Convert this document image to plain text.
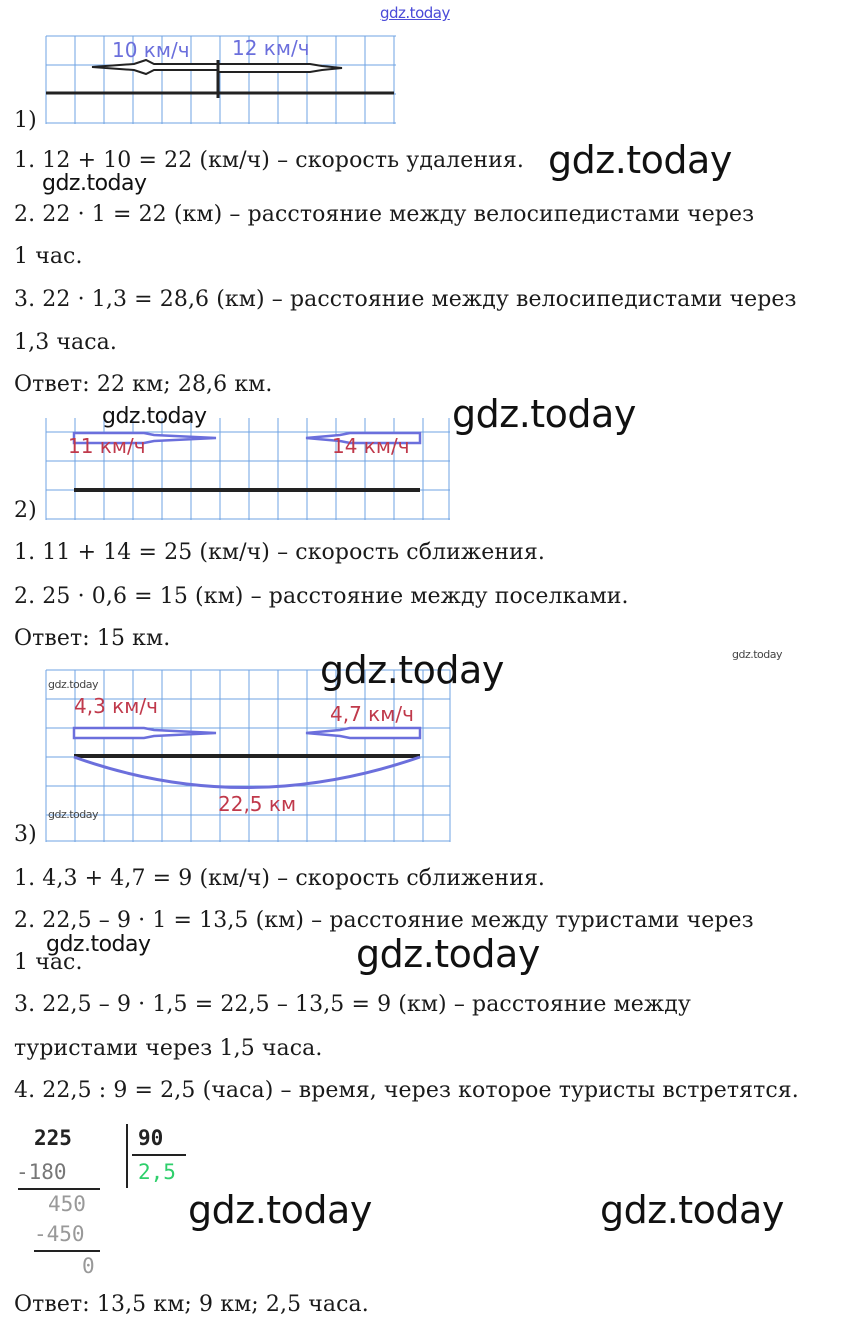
gdz.today
10 км/ч 12 км/ч
1)
1. 12 + 10 = 22 (км/ч) – скорость удаления.
2. 22 · 1 = 22 (км) – расстояние между велосипедистами через
1 час.
3. 22 · 1,3 = 28,6 (км) – расстояние между велосипедистами через
1,3 часа.
Ответ: 22 км; 28,6 км.
gdz.today
gdz.today
11 км/ч	14 км/ч
2)
gdz.today	gdz.today
1. 11 + 14 = 25 (км/ч) – скорость сближения.
2. 25 · 0,6 = 15 (км) – расстояние между поселками.
Ответ: 15 км.
4,3 км/ч	4,7 км/ч
22,5 км
3)
gdz.today
gdz.today
gdz.today	gdz.today
1. 4,3 + 4,7 = 9 (км/ч) – скорость сближения.
2. 22,5 – 9 · 1 = 13,5 (км) – расстояние между туристами через
1 час.
3. 22,5 – 9 · 1,5 = 22,5 – 13,5 = 9 (км) – расстояние между
туристами через 1,5 часа.
4. 22,5 : 9 = 2,5 (часа) – время, через которое туристы встретятся.
gdz.today	gdz.today
225	90
2,5
-180
450
-450
0
gdz.today	gdz.today
Ответ: 13,5 км; 9 км; 2,5 часа.
